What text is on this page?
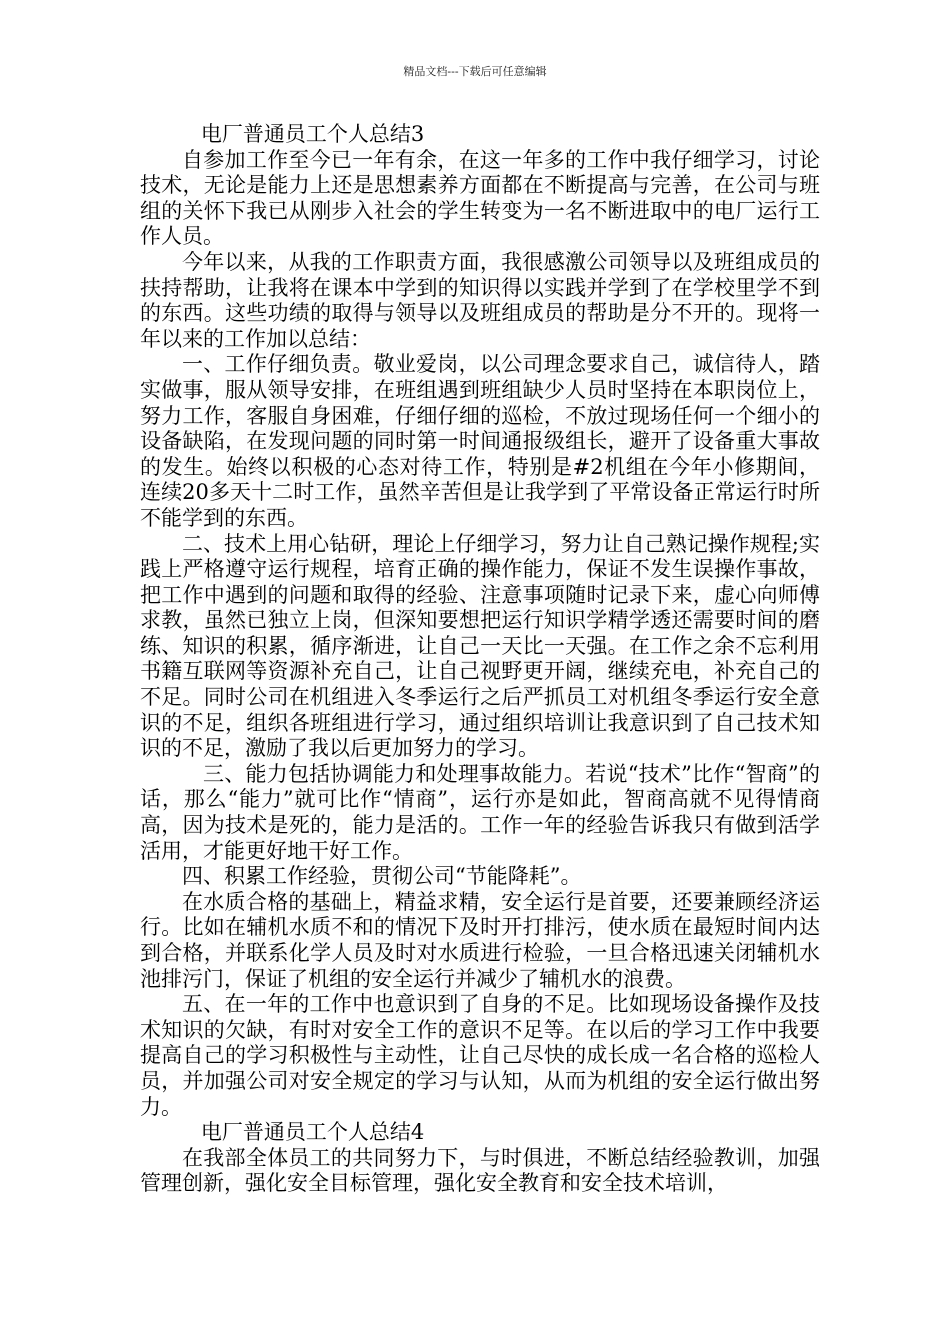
精品文档---下载后可任意编辑

电厂普通员工个人总结3

自参加工作至今已一年有余，在这一年多的工作中我仔细学习，讨论技术，无论是能力上还是思想素养方面都在不断提高与完善，在公司与班组的关怀下我已从刚步入社会的学生转变为一名不断进取中的电厂运行工作人员。

今年以来，从我的工作职责方面，我很感激公司领导以及班组成员的扶持帮助，让我将在课本中学到的知识得以实践并学到了在学校里学不到的东西。这些功绩的取得与领导以及班组成员的帮助是分不开的。现将一年以来的工作加以总结：

一、工作仔细负责。敬业爱岗，以公司理念要求自己，诚信待人，踏实做事，服从领导安排，在班组遇到班组缺少人员时坚持在本职岗位上，努力工作，客服自身困难，仔细仔细的巡检，不放过现场任何一个细小的设备缺陷，在发现问题的同时第一时间通报级组长，避开了设备重大事故的发生。始终以积极的心态对待工作，特别是#2机组在今年小修期间，连续20多天十二时工作，虽然辛苦但是让我学到了平常设备正常运行时所不能学到的东西。

二、技术上用心钻研，理论上仔细学习，努力让自己熟记操作规程;实践上严格遵守运行规程，培育正确的操作能力，保证不发生误操作事故，把工作中遇到的问题和取得的经验、注意事项随时记录下来，虚心向师傅求教，虽然已独立上岗，但深知要想把运行知识学精学透还需要时间的磨练、知识的积累，循序渐进，让自己一天比一天强。在工作之余不忘利用书籍互联网等资源补充自己，让自己视野更开阔，继续充电，补充自己的不足。同时公司在机组进入冬季运行之后严抓员工对机组冬季运行安全意识的不足，组织各班组进行学习，通过组织培训让我意识到了自己技术知识的不足，激励了我以后更加努力的学习。

三、能力包括协调能力和处理事故能力。若说“技术”比作“智商”的话，那么“能力”就可比作“情商”，运行亦是如此，智商高就不见得情商高，因为技术是死的，能力是活的。工作一年的经验告诉我只有做到活学活用，才能更好地干好工作。

四、积累工作经验，贯彻公司“节能降耗”。

在水质合格的基础上，精益求精，安全运行是首要，还要兼顾经济运行。比如在辅机水质不和的情况下及时开打排污，使水质在最短时间内达到合格，并联系化学人员及时对水质进行检验，一旦合格迅速关闭辅机水池排污门，保证了机组的安全运行并减少了辅机水的浪费。

五、在一年的工作中也意识到了自身的不足。比如现场设备操作及技术知识的欠缺，有时对安全工作的意识不足等。在以后的学习工作中我要提高自己的学习积极性与主动性，让自己尽快的成长成一名合格的巡检人员，并加强公司对安全规定的学习与认知，从而为机组的安全运行做出努力。

电厂普通员工个人总结4

在我部全体员工的共同努力下，与时俱进，不断总结经验教训，加强管理创新，强化安全目标管理，强化安全教育和安全技术培训，
